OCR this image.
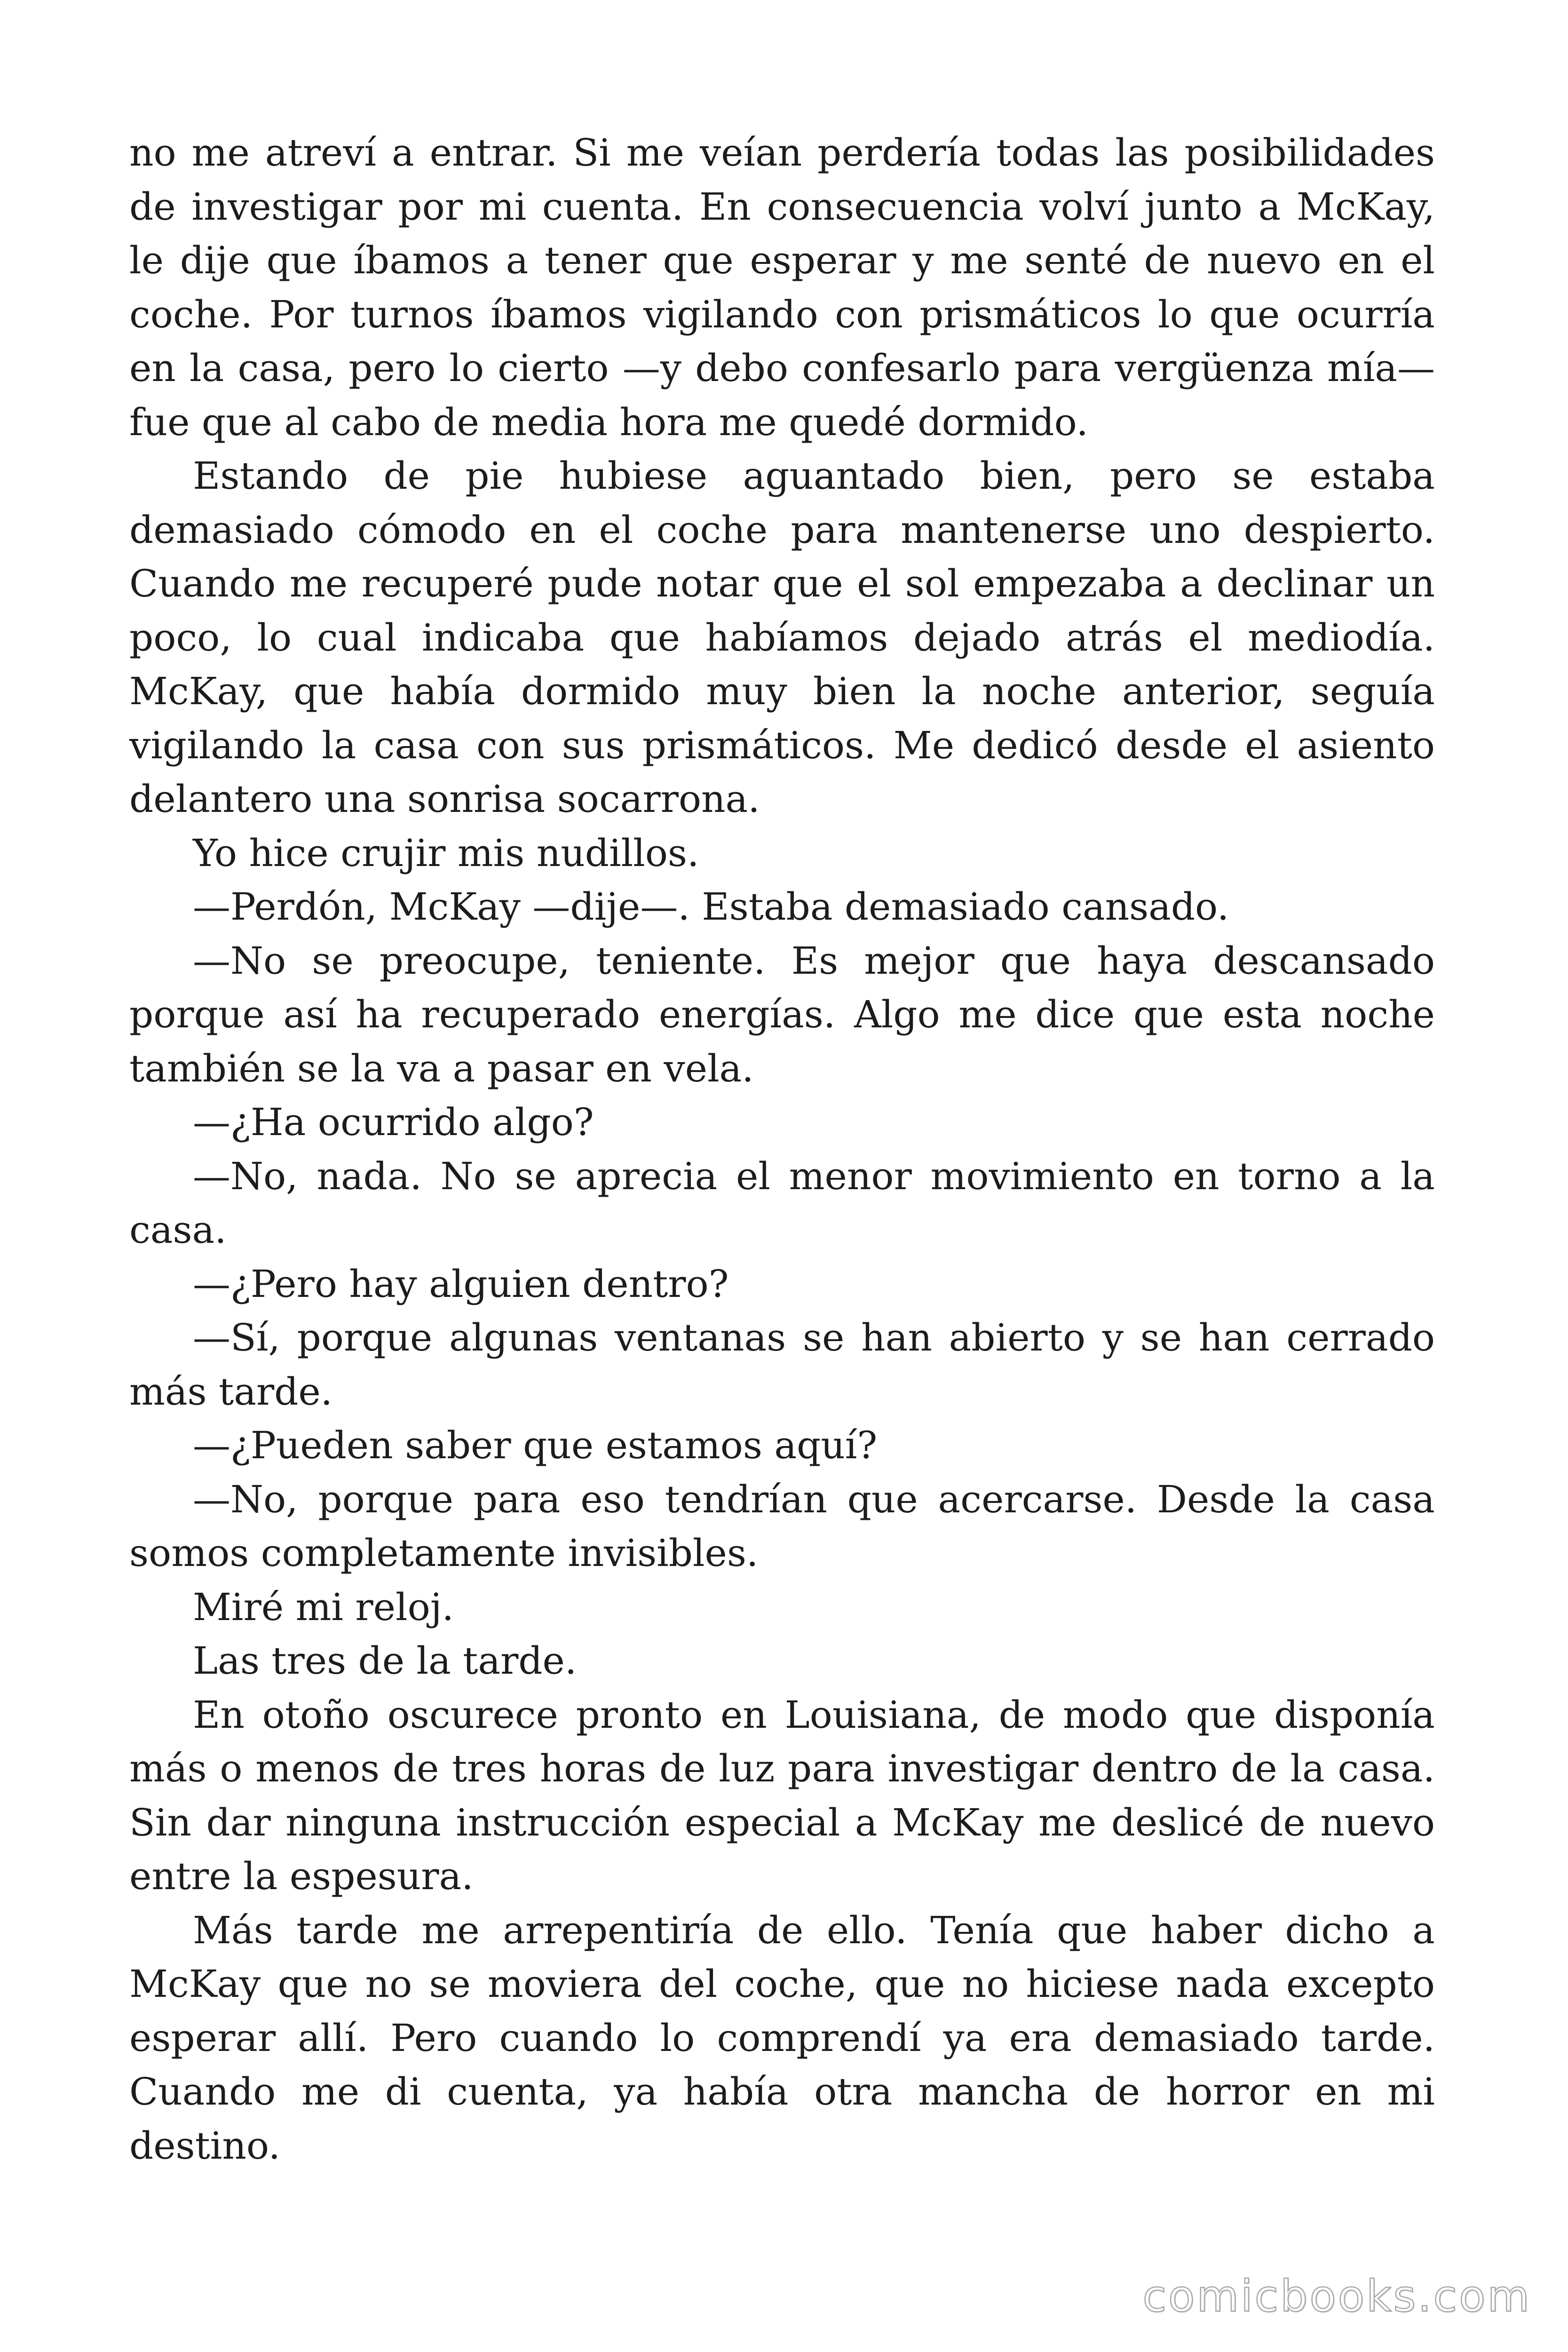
no me atreví a entrar. Si me veían perdería todas las posibilidades de investigar por mi cuenta. En consecuencia volví junto a McKay, le dije que íbamos a tener que esperar y me senté de nuevo en el coche. Por turnos íbamos vigilando con prismáticos lo que ocurría en la casa, pero lo cierto —y debo confesarlo para vergüenza mía— fue que al cabo de media hora me quedé dormido.

Estando de pie hubiese aguantado bien, pero se estaba demasiado cómodo en el coche para mantenerse uno despierto. Cuando me recuperé pude notar que el sol empezaba a declinar un poco, lo cual indicaba que habíamos dejado atrás el mediodía. McKay, que había dormido muy bien la noche anterior, seguía vigilando la casa con sus prismáticos. Me dedicó desde el asiento delantero una sonrisa socarrona.

Yo hice crujir mis nudillos.

—Perdón, McKay —dije—. Estaba demasiado cansado.

—No se preocupe, teniente. Es mejor que haya descansado porque así ha recuperado energías. Algo me dice que esta noche también se la va a pasar en vela.

—¿Ha ocurrido algo?

—No, nada. No se aprecia el menor movimiento en torno a la casa.

—¿Pero hay alguien dentro?

—Sí, porque algunas ventanas se han abierto y se han cerrado más tarde.

—¿Pueden saber que estamos aquí?

—No, porque para eso tendrían que acercarse. Desde la casa somos completamente invisibles.

Miré mi reloj.

Las tres de la tarde.

En otoño oscurece pronto en Louisiana, de modo que disponía más o menos de tres horas de luz para investigar dentro de la casa. Sin dar ninguna instrucción especial a McKay me deslicé de nuevo entre la espesura.

Más tarde me arrepentiría de ello. Tenía que haber dicho a McKay que no se moviera del coche, que no hiciese nada excepto esperar allí. Pero cuando lo comprendí ya era demasiado tarde. Cuando me di cuenta, ya había otra mancha de horror en mi destino.

comicbooks.com
